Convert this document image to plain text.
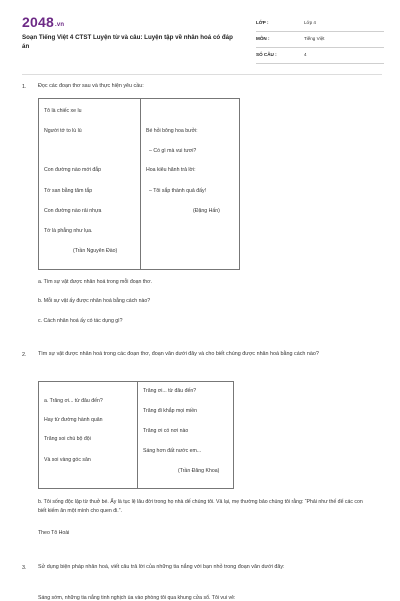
2048.vn
Soạn Tiếng Việt 4 CTST Luyện từ và câu: Luyện tập về nhân hoá có đáp án
LỚP :	Lớp 4
MÔN :	Tiếng Việt
SỐ CÂU :	4
1. Đọc các đoạn thơ sau và thực hiện yêu cầu:
Tô là chiếc xe lu
Người tớ to lù lù
Con đường nào mới đắp
Tớ san bằng tăm tắp
Con đường nào rải nhựa
Tớ là phẳng như lụa.
(Trần Nguyên Đào)
Bé hỏi bông hoa bưởi:
– Có gì mà vui tươi?
Hoa kiêu hãnh trả lời:
– Tôi sắp thành quả đấy!
(Đặng Hấn)
a. Tìm sự vật được nhân hoá trong mỗi đoạn thơ.
b. Mỗi sự vật ấy được nhân hoá bằng cách nào?
c. Cách nhân hoá ấy có tác dụng gì?
2. Tìm sự vật được nhân hoá trong các đoạn thơ, đoạn văn dưới đây và cho biết chúng được nhân hoá bằng cách nào?
a. Trăng ơi... từ đâu đến?
Hay từ đường hành quân
Trăng soi chú bộ đội
Và soi vàng góc sân
Trăng ơi... từ đâu đến?
Trăng đi khắp mọi miền
Trăng ơi có nơi nào
Sáng hơn đất nước em...
(Trần Đăng Khoa)
b. Tôi sống độc lập từ thuở bé. Ấy là tục lệ lâu đời trong họ nhà dế chúng tôi. Vả lại, mẹ thường bảo chúng tôi rằng: “Phải như thế để các con biết kiếm ăn một mình cho quen đi.”.
Theo Tô Hoài
3. Sử dụng biện pháp nhân hoá, viết câu trả lời của những tia nắng với bạn nhỏ trong đoạn văn dưới đây:
Sáng sớm, những tia nắng tinh nghịch ùa vào phòng tôi qua khung cửa sổ. Tôi vui vẻ:
